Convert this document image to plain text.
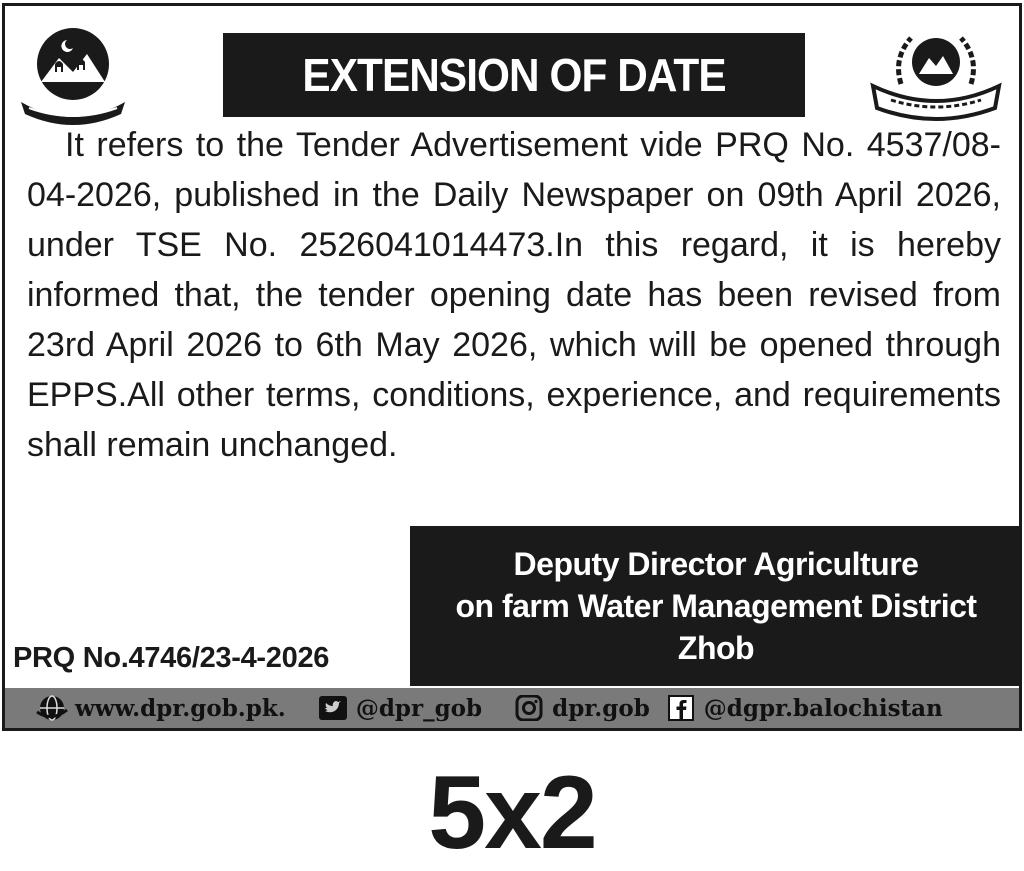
EXTENSION OF DATE

It refers to the Tender Advertisement vide PRQ No. 4537/08-04-2026, published in the Daily Newspaper on 09th April 2026, under TSE No. 2526041014473.In this regard, it is hereby informed that, the tender opening date has been revised from 23rd April 2026 to 6th May 2026, which will be opened through EPPS.All other terms, conditions, experience, and requirements shall remain unchanged.

PRQ No.4746/23-4-2026
Deputy Director Agriculture
on farm Water Management District
Zhob
www.dpr.gob.pk.	@dpr_gob	dpr.gob @dgpr.balochistan
5x2
